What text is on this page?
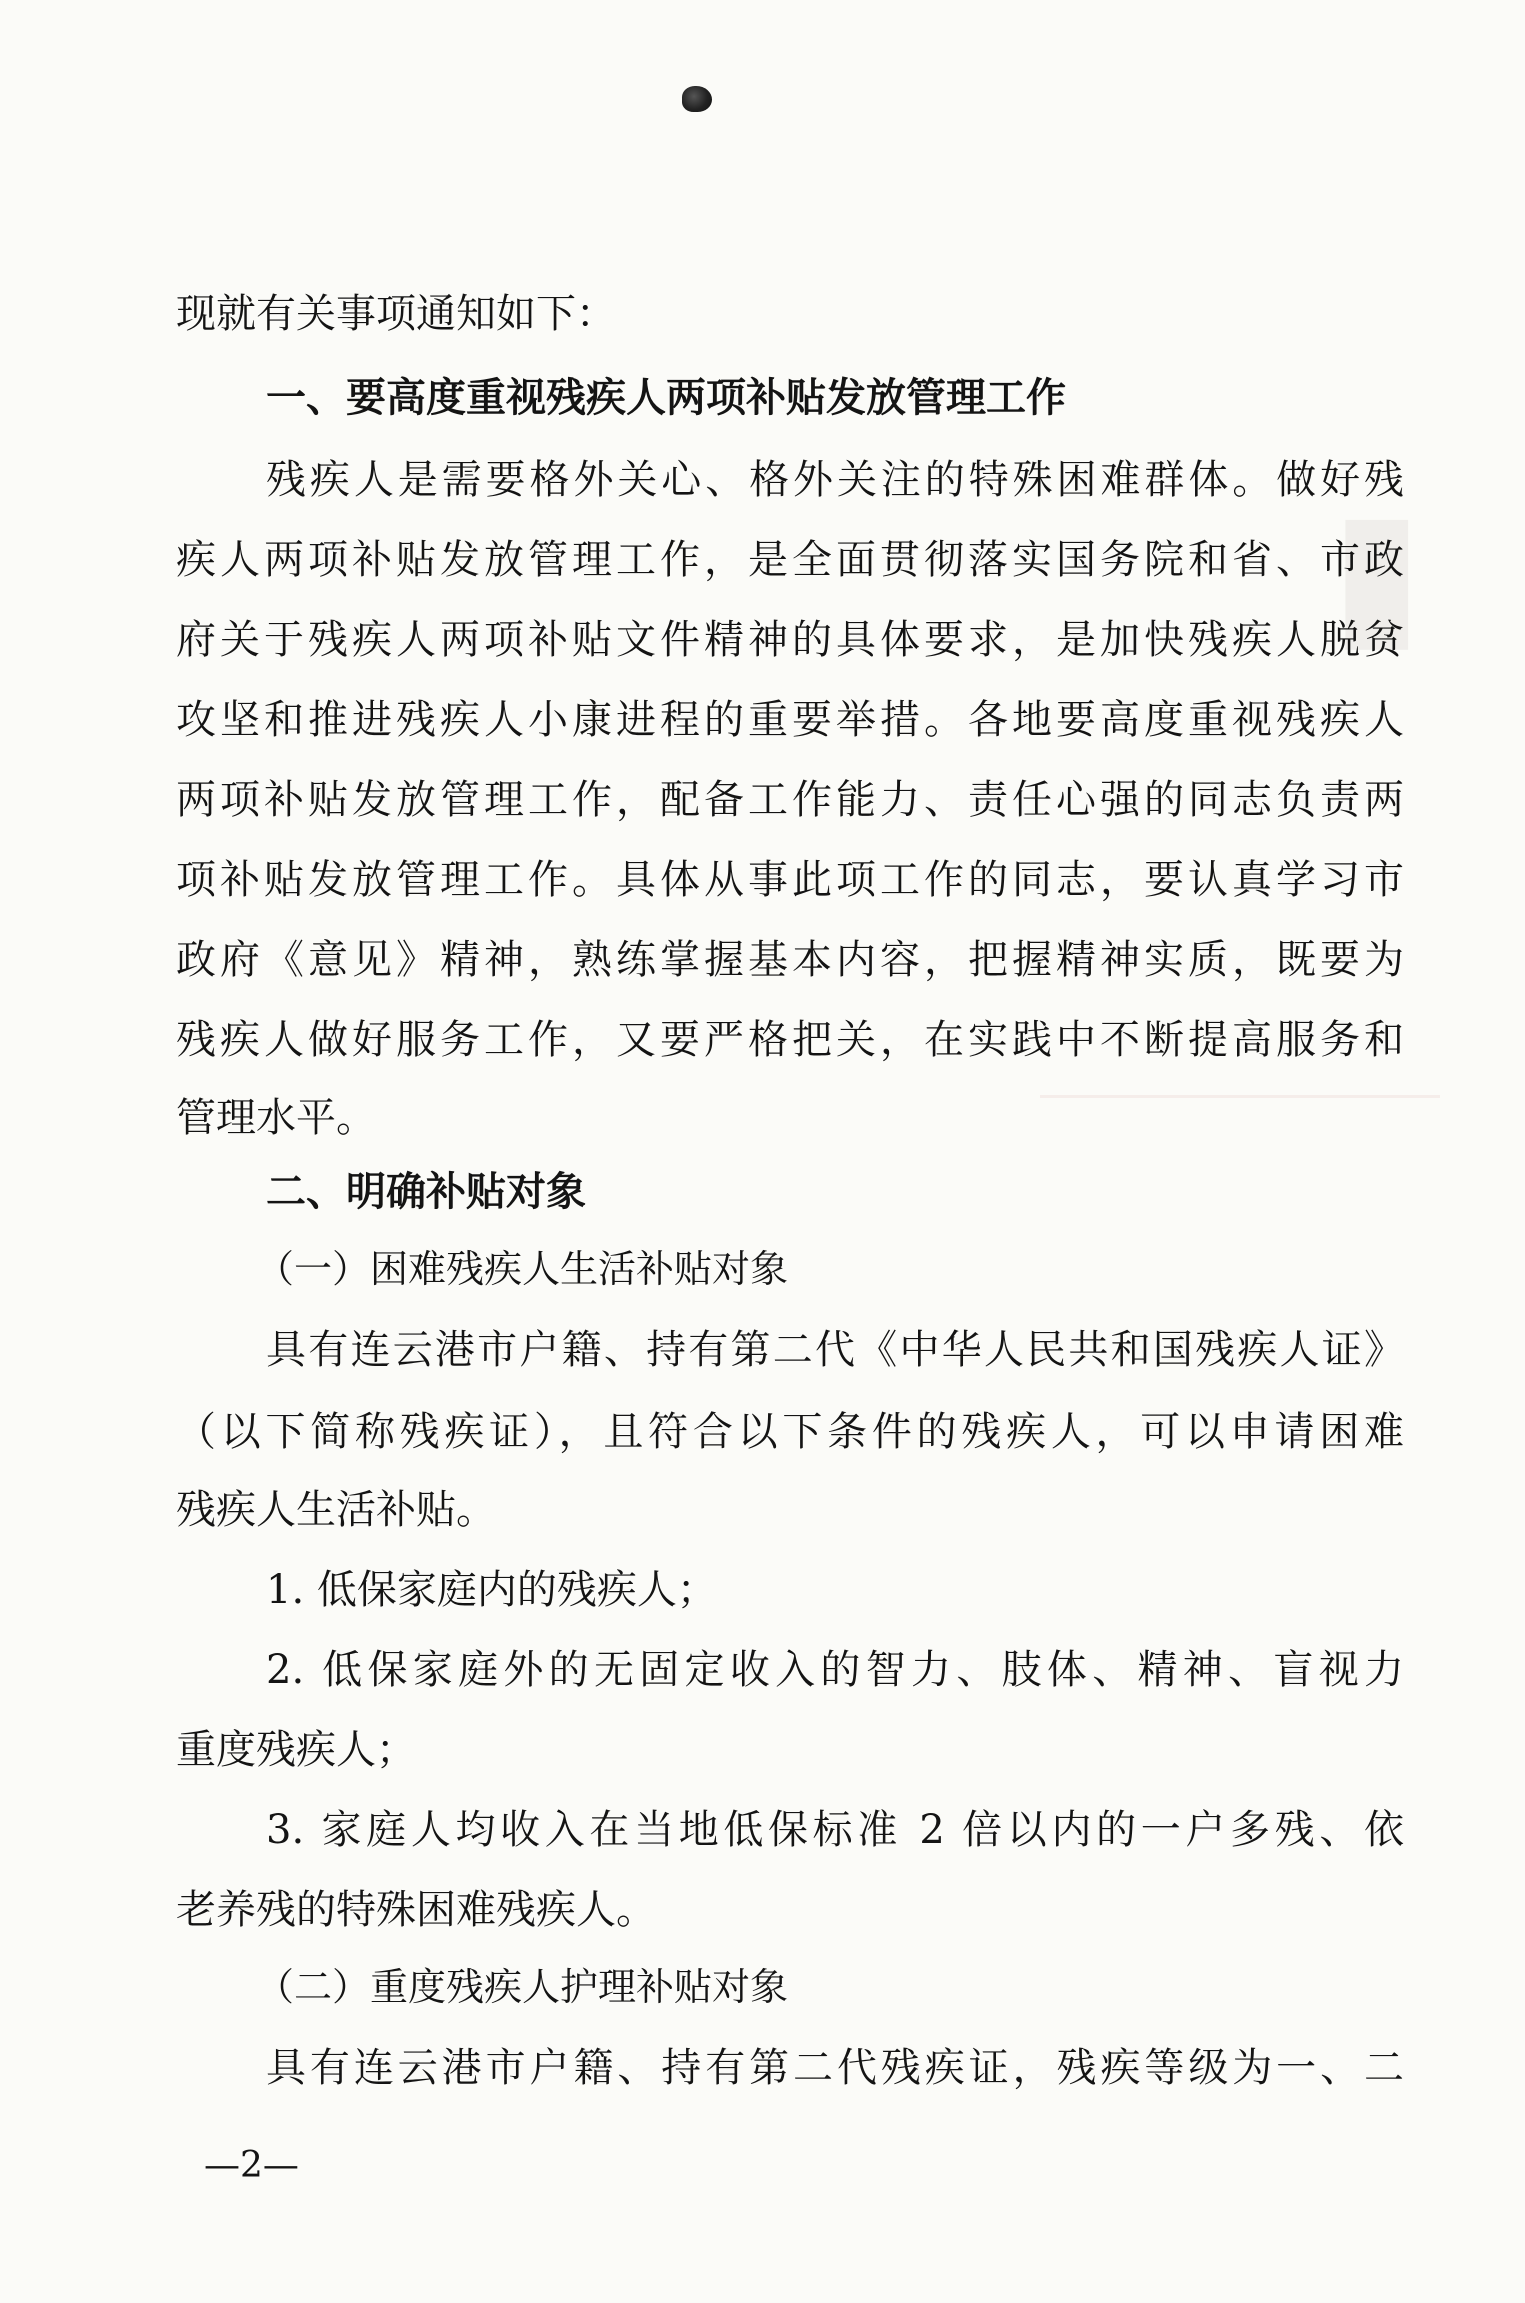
▮
现就有关事项通知如下：
一、要高度重视残疾人两项补贴发放管理工作
残疾人是需要格外关心、格外关注的特殊困难群体。做好残
疾人两项补贴发放管理工作，是全面贯彻落实国务院和省、市政
府关于残疾人两项补贴文件精神的具体要求，是加快残疾人脱贫
攻坚和推进残疾人小康进程的重要举措。各地要高度重视残疾人
两项补贴发放管理工作，配备工作能力、责任心强的同志负责两
项补贴发放管理工作。具体从事此项工作的同志，要认真学习市
政府《意见》精神，熟练掌握基本内容，把握精神实质，既要为
残疾人做好服务工作，又要严格把关，在实践中不断提高服务和
管理水平。
二、明确补贴对象
（一）困难残疾人生活补贴对象
具有连云港市户籍、持有第二代《中华人民共和国残疾人证》
（以下简称残疾证），且符合以下条件的残疾人，可以申请困难
残疾人生活补贴。
1. 低保家庭内的残疾人；
2. 低保家庭外的无固定收入的智力、肢体、精神、盲视力
重度残疾人；
3. 家庭人均收入在当地低保标准 2 倍以内的一户多残、依
老养残的特殊困难残疾人。
（二）重度残疾人护理补贴对象
具有连云港市户籍、持有第二代残疾证，残疾等级为一、二
—2—
